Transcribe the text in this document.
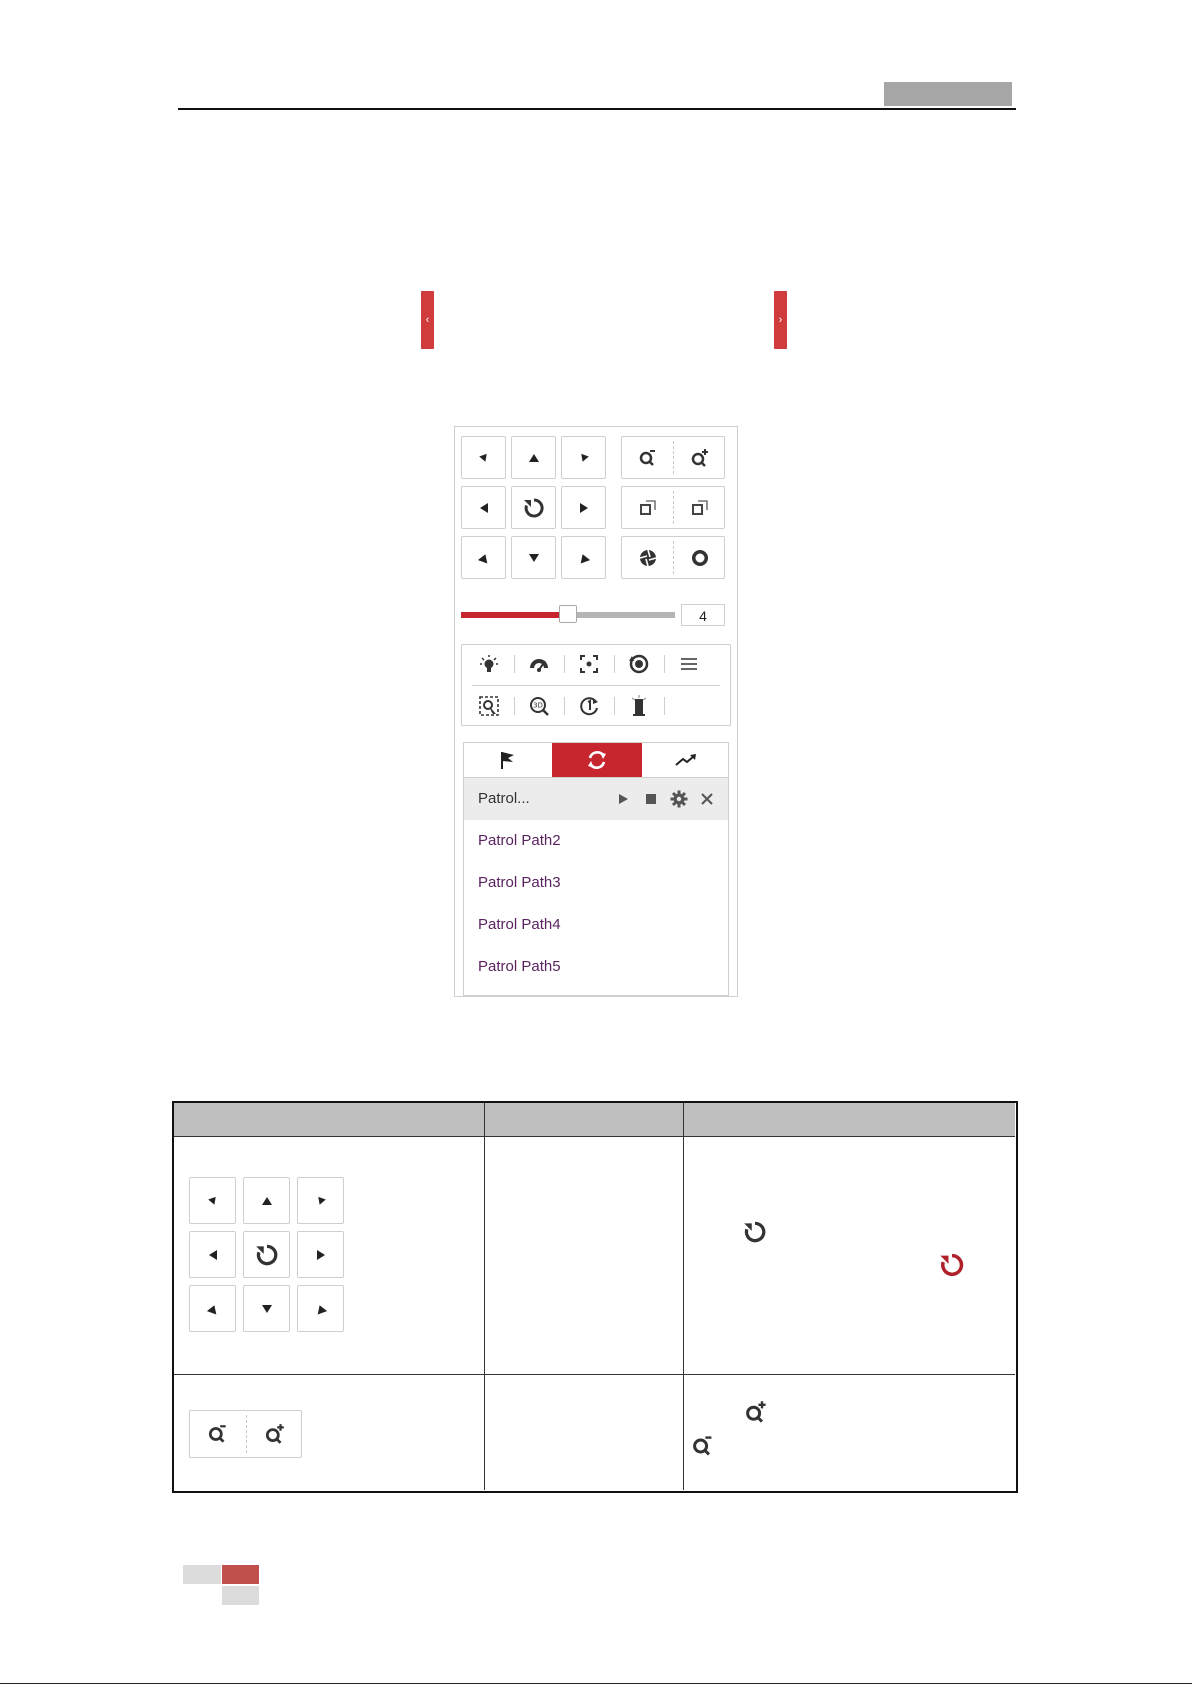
‹	›
4
3D
Patrol...
Patrol Path2
Patrol Path3
Patrol Path4
Patrol Path5
